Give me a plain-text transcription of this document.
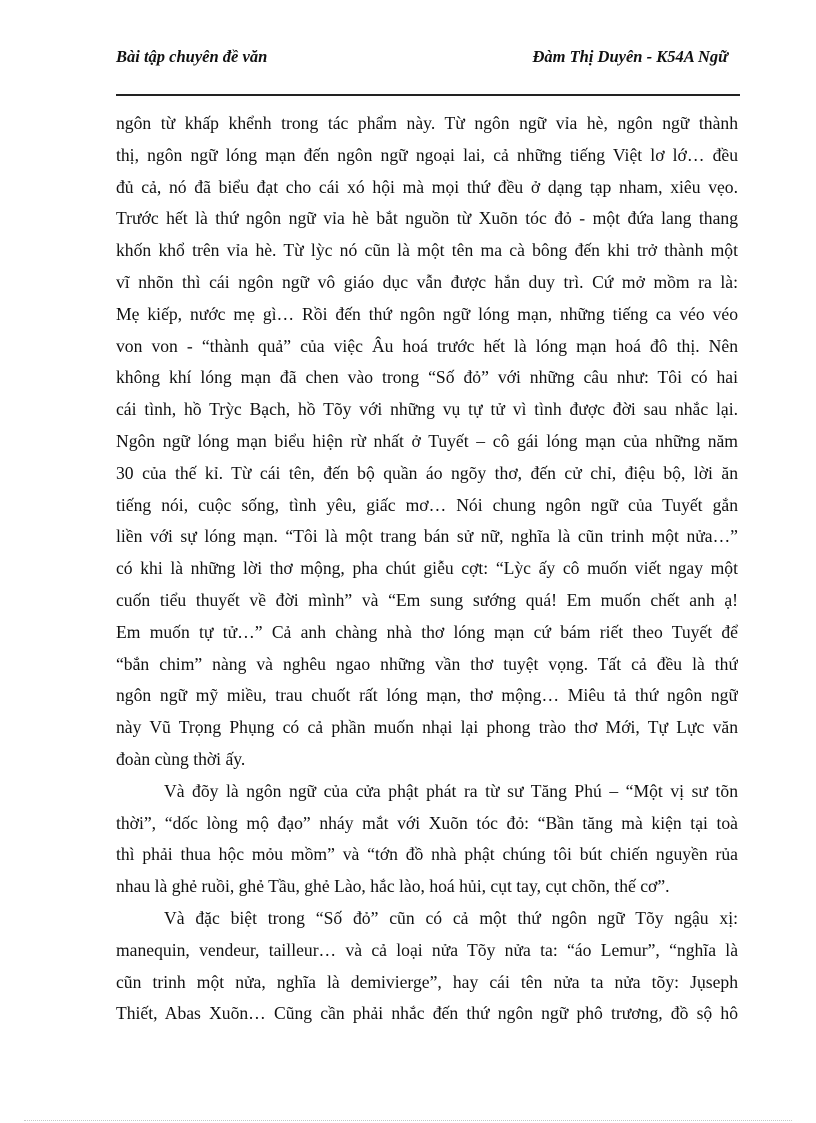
Bài tập chuyên đề văn	Đàm Thị Duyên - K54A Ngữ
ngôn từ khấp khểnh trong tác phẩm này. Từ ngôn ngữ vỉa hè, ngôn ngữ thành
thị, ngôn ngữ lóng mạn đến ngôn ngữ ngoại lai, cả những tiếng Việt lơ lớ… đều
đủ cả, nó đã biểu đạt cho cái xó hội mà mọi thứ đều ở dạng tạp nham, xiêu vẹo.
Trước hết là thứ ngôn ngữ vỉa hè bắt nguồn từ Xuõn tóc đỏ - một đứa lang thang
khốn khổ trên vỉa hè. Từ lỳc nó cũn là một tên ma cà bông đến khi trở thành một
vĩ nhõn thì cái ngôn ngữ vô giáo dục vẫn được hắn duy trì. Cứ mở mồm ra là:
Mẹ kiếp, nước mẹ gì… Rồi đến thứ ngôn ngữ lóng mạn, những tiếng ca véo véo
von von - “thành quả” của việc Âu hoá trước hết là lóng mạn hoá đô thị. Nên
không khí lóng mạn đã chen vào trong “Số đỏ” với những câu như: Tôi có hai
cái tình, hồ Trỳc Bạch, hồ Tõy với những vụ tự tử vì tình được đời sau nhắc lại.
Ngôn ngữ lóng mạn biểu hiện rừ nhất ở Tuyết – cô gái lóng mạn của những năm
30 của thế kỉ. Từ cái tên, đến bộ quần áo ngõy thơ, đến cử chỉ, điệu bộ, lời ăn
tiếng nói, cuộc sống, tình yêu, giấc mơ… Nói chung ngôn ngữ của Tuyết gắn
liền với sự lóng mạn. “Tôi là một trang bán sử nữ, nghĩa là cũn trinh một nửa…”
có khi là những lời thơ mộng, pha chút giễu cợt: “Lỳc ấy cô muốn viết ngay một
cuốn tiểu thuyết về đời mình” và “Em sung sướng quá! Em muốn chết anh ạ!
Em muốn tự tử…” Cả anh chàng nhà thơ lóng mạn cứ bám riết theo Tuyết để
“bắn chim” nàng và nghêu ngao những vần thơ tuyệt vọng. Tất cả đều là thứ
ngôn ngữ mỹ miều, trau chuốt rất lóng mạn, thơ mộng… Miêu tả thứ ngôn ngữ
này Vũ Trọng Phụng có cả phần muốn nhại lại phong trào thơ Mới, Tự Lực văn
đoàn cùng thời ấy.
Và đõy là ngôn ngữ của cửa phật phát ra từ sư Tăng Phú – “Một vị sư tõn
thời”, “dốc lòng mộ đạo” nháy mắt với Xuõn tóc đỏ: “Bần tăng mà kiện tại toà
thì phải thua hộc mỏu mồm” và “tớn đồ nhà phật chúng tôi bút chiến nguyền rủa
nhau là ghẻ ruồi, ghẻ Tầu, ghẻ Lào, hắc lào, hoá hủi, cụt tay, cụt chõn, thế cơ”.
Và đặc biệt trong “Số đỏ” cũn có cả một thứ ngôn ngữ Tõy ngậu xị:
manequin, vendeur, tailleur… và cả loại nửa Tõy nửa ta: “áo Lemur”, “nghĩa là
cũn trinh một nửa, nghĩa là demivierge”, hay cái tên nửa ta nửa tõy: Jụseph
Thiết, Abas Xuõn… Cũng cần phải nhắc đến thứ ngôn ngữ phô trương, đồ sộ hô
